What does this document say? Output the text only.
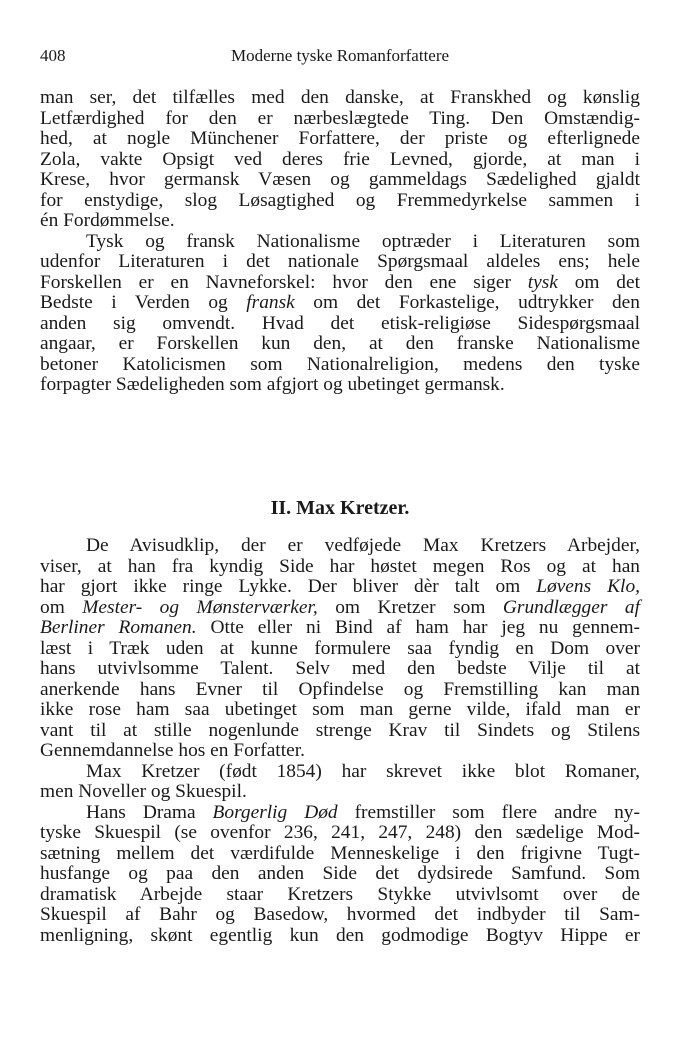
408	Moderne tyske Romanforfattere

man ser, det tilfælles med den danske, at Franskhed og kønslig

Letfærdighed for den er nærbeslægtede Ting. Den Omstændig-

hed, at nogle Münchener Forfattere, der priste og efterlignede

Zola, vakte Opsigt ved deres frie Levned, gjorde, at man i

Krese, hvor germansk Væsen og gammeldags Sædelighed gjaldt

for enstydige, slog Løsagtighed og Fremmedyrkelse sammen i

én Fordømmelse.

Tysk og fransk Nationalisme optræder i Literaturen som

udenfor Literaturen i det nationale Spørgsmaal aldeles ens; hele

Forskellen er en Navneforskel: hvor den ene siger tysk om det

Bedste i Verden og fransk om det Forkastelige, udtrykker den

anden sig omvendt. Hvad det etisk-religiøse Sidespørgsmaal

angaar, er Forskellen kun den, at den franske Nationalisme

betoner Katolicismen som Nationalreligion, medens den tyske

forpagter Sædeligheden som afgjort og ubetinget germansk.

II. Max Kretzer.

De Avisudklip, der er vedføjede Max Kretzers Arbejder,

viser, at han fra kyndig Side har høstet megen Ros og at han

har gjort ikke ringe Lykke. Der bliver dèr talt om Løvens Klo,

om Mester- og Mønsterværker, om Kretzer som Grundlægger af

Berliner Romanen. Otte eller ni Bind af ham har jeg nu gennem-

læst i Træk uden at kunne formulere saa fyndig en Dom over

hans utvivlsomme Talent. Selv med den bedste Vilje til at

anerkende hans Evner til Opfindelse og Fremstilling kan man

ikke rose ham saa ubetinget som man gerne vilde, ifald man er

vant til at stille nogenlunde strenge Krav til Sindets og Stilens

Gennemdannelse hos en Forfatter.

Max Kretzer (født 1854) har skrevet ikke blot Romaner,

men Noveller og Skuespil.

Hans Drama Borgerlig Død fremstiller som flere andre ny-

tyske Skuespil (se ovenfor 236, 241, 247, 248) den sædelige Mod-

sætning mellem det værdifulde Menneskelige i den frigivne Tugt-

husfange og paa den anden Side det dydsirede Samfund. Som

dramatisk Arbejde staar Kretzers Stykke utvivlsomt over de

Skuespil af Bahr og Basedow, hvormed det indbyder til Sam-

menligning, skønt egentlig kun den godmodige Bogtyv Hippe er
